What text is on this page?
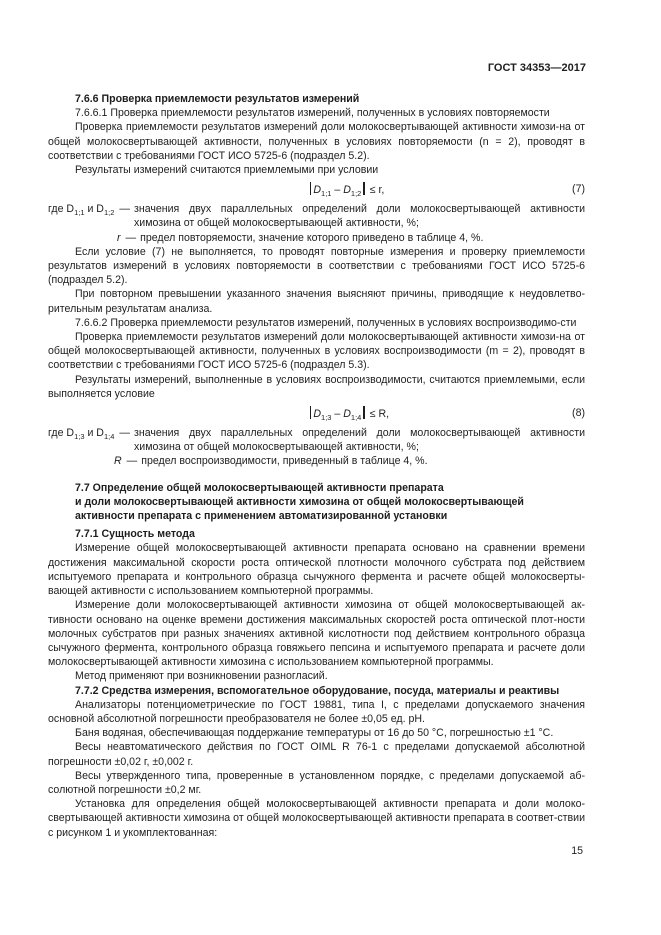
ГОСТ 34353—2017

7.6.6 Проверка приемлемости результатов измерений

7.6.6.1 Проверка приемлемости результатов измерений, полученных в условиях повторяемости

Проверка приемлемости результатов измерений доли молокосвертывающей активности химози-на от общей молокосвертывающей активности, полученных в условиях повторяемости (n = 2), проводят в соответствии с требованиями ГОСТ ИСО 5725-6 (подраздел 5.2).

Результаты измерений считаются приемлемыми при условии

$D_{1;1} - D_{1;2} \le r$,	(7)
где $D_{1;1}$ и $D_{1;2}$ — значения двух параллельных определений доли молокосвертывающей активности химозина от общей молокосвертывающей активности, %;
r — предел повторяемости, значение которого приведено в таблице 4, %.

Если условие (7) не выполняется, то проводят повторные измерения и проверку приемлемости результатов измерений в условиях повторяемости в соответствии с требованиями ГОСТ ИСО 5725-6 (подраздел 5.2).

При повторном превышении указанного значения выясняют причины, приводящие к неудовлетво-рительным результатам анализа.

7.6.6.2 Проверка приемлемости результатов измерений, полученных в условиях воспроизводимо-сти

Проверка приемлемости результатов измерений доли молокосвертывающей активности химози-на от общей молокосвертывающей активности, полученных в условиях воспроизводимости (m = 2), проводят в соответствии с требованиями ГОСТ ИСО 5725-6 (подраздел 5.3).

Результаты измерений, выполненные в условиях воспроизводимости, считаются приемлемыми, если выполняется условие

$D_{1;3} - D_{1;4} \le R$,	(8)
где $D_{1;3}$ и $D_{1;4}$ — значения двух параллельных определений доли молокосвертывающей активности химозина от общей молокосвертывающей активности, %;
R — предел воспроизводимости, приведенный в таблице 4, %.
7.7 Определение общей молокосвертывающей активности препарата
и доли молокосвертывающей активности химозина от общей молокосвертывающей
активности препарата с применением автоматизированной установки

7.7.1 Сущность метода

Измерение общей молокосвертывающей активности препарата основано на сравнении времени достижения максимальной скорости роста оптической плотности молочного субстрата под действием испытуемого препарата и контрольного образца сычужного фермента и расчете общей молокосверты-вающей активности с использованием компьютерной программы.

Измерение доли молокосвертывающей активности химозина от общей молокосвертывающей ак-тивности основано на оценке времени достижения максимальных скоростей роста оптической плот-ности молочных субстратов при разных значениях активной кислотности под действием контрольного образца сычужного фермента, контрольного образца говяжьего пепсина и испытуемого препарата и расчете доли молокосвертывающей активности химозина с использованием компьютерной программы.

Метод применяют при возникновении разногласий.

7.7.2 Средства измерения, вспомогательное оборудование, посуда, материалы и реактивы

Анализаторы потенциометрические по ГОСТ 19881, типа I, с пределами допускаемого значения основной абсолютной погрешности преобразователя не более ±0,05 ед. pH.

Баня водяная, обеспечивающая поддержание температуры от 16 до 50 °С, погрешностью ±1 °С.

Весы неавтоматического действия по ГОСТ OIML R 76-1 с пределами допускаемой абсолютной погрешности ±0,02 г, ±0,002 г.

Весы утвержденного типа, проверенные в установленном порядке, с пределами допускаемой аб-солютной погрешности ±0,2 мг.

Установка для определения общей молокосвертывающей активности препарата и доли молоко-свертывающей активности химозина от общей молокосвертывающей активности препарата в соответ-ствии с рисунком 1 и укомплектованная:

15
